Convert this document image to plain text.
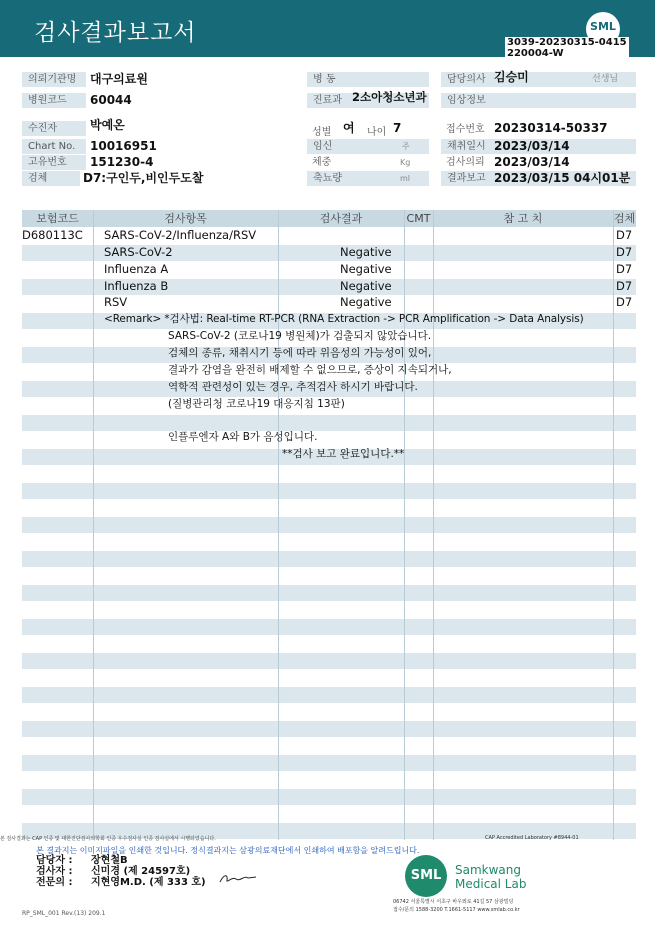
검사결과보고서	SML
3039-20230315-0415
220004-W
의뢰기관명	대구의료원
병원코드	60044
수진자	박예온
Chart No.	10016951
고유번호	151230-4
검체	D7:구인두,비인두도찰
병 동
진료과 2소아청소년과
성별 여 나이 7
임신	주
체중	Kg
축뇨량	ml
담당의사 김승미	선생님
임상정보
접수번호 20230314-50337
채취일시 2023/03/14
검사의뢰 2023/03/14
결과보고 2023/03/15 04시01분
보험코드	검사항목	검사결과	CMT	참 고 치	검체
D680113C SARS-CoV-2/Influenza/RSV	D7
SARS-CoV-2	Negative	D7
Influenza A	Negative	D7
Influenza B	Negative	D7
RSV	Negative	D7
<Remark> *검사법: Real-time RT-PCR (RNA Extraction -> PCR Amplification -> Data Analysis)
SARS-CoV-2 (코로나19 병원체)가 검출되지 않았습니다.
검체의 종류, 채취시기 등에 따라 위음성의 가능성이 있어,
결과가 감염을 완전히 배제할 수 없으므로, 증상이 지속되거나,
역학적 관련성이 있는 경우, 추적검사 하시기 바랍니다.
(질병관리청 코로나19 대응지침 13판)
인플루엔자 A와 B가 음성입니다.
**검사 보고 완료입니다.**
본 검사결과는 CAP 인증 및 대한진단검사의학회 인증 우수검사실 인증 검사실에서 시행되었습니다.	CAP Accredited Laboratory #8944-01
본 결과지는 이미지파일을 인쇄한 것입니다. 정식결과지는 삼광의료재단에서 인쇄하여 배포함을 알려드립니다.
담당자 : 장현철B
검사자 : 신미경 (제 24597호)
전문의 : 지현영M.D. (제 333 호)	SML	Samkwang
Medical Lab
06742 서울특별시 서초구 바우뫼로 41길 57 삼광빌딩
접수/문의 1588-3200 T.1661-5117 www.smlab.co.kr
RP_SML_001 Rev.(13) 209.1
